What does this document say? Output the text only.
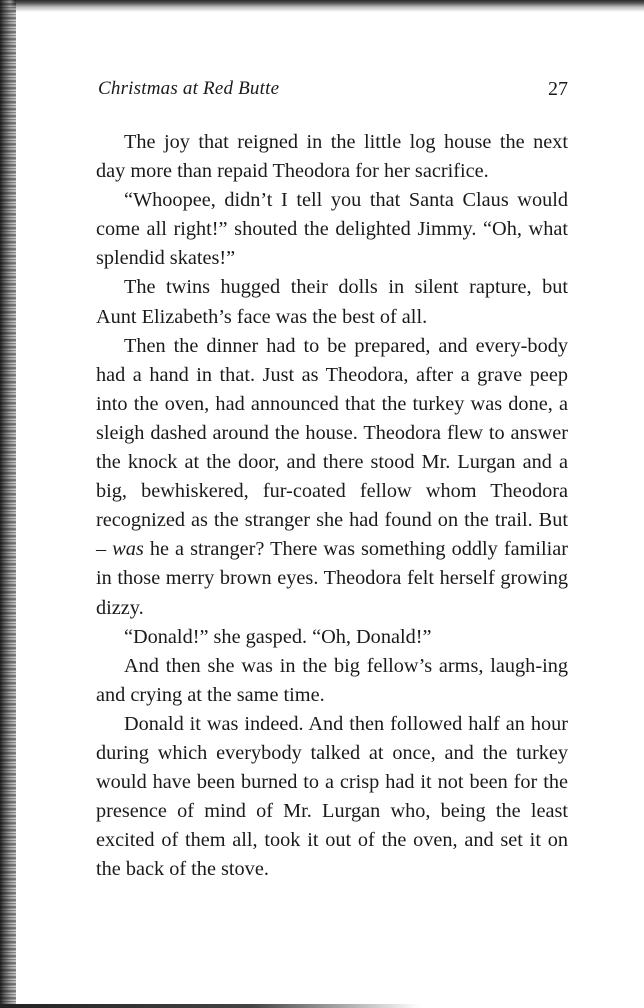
Christmas at Red Butte	27

The joy that reigned in the little log house the next day more than repaid Theodora for her sacrifice.

“Whoopee, didn’t I tell you that Santa Claus would come all right!” shouted the delighted Jimmy. “Oh, what splendid skates!”

The twins hugged their dolls in silent rapture, but Aunt Elizabeth’s face was the best of all.

Then the dinner had to be prepared, and every-body had a hand in that. Just as Theodora, after a grave peep into the oven, had announced that the turkey was done, a sleigh dashed around the house. Theodora flew to answer the knock at the door, and there stood Mr. Lurgan and a big, bewhiskered, fur-coated fellow whom Theodora recognized as the stranger she had found on the trail. But – was he a stranger? There was something oddly familiar in those merry brown eyes. Theodora felt herself growing dizzy.

“Donald!” she gasped. “Oh, Donald!”

And then she was in the big fellow’s arms, laugh-ing and crying at the same time.

Donald it was indeed. And then followed half an hour during which everybody talked at once, and the turkey would have been burned to a crisp had it not been for the presence of mind of Mr. Lurgan who, being the least excited of them all, took it out of the oven, and set it on the back of the stove.
